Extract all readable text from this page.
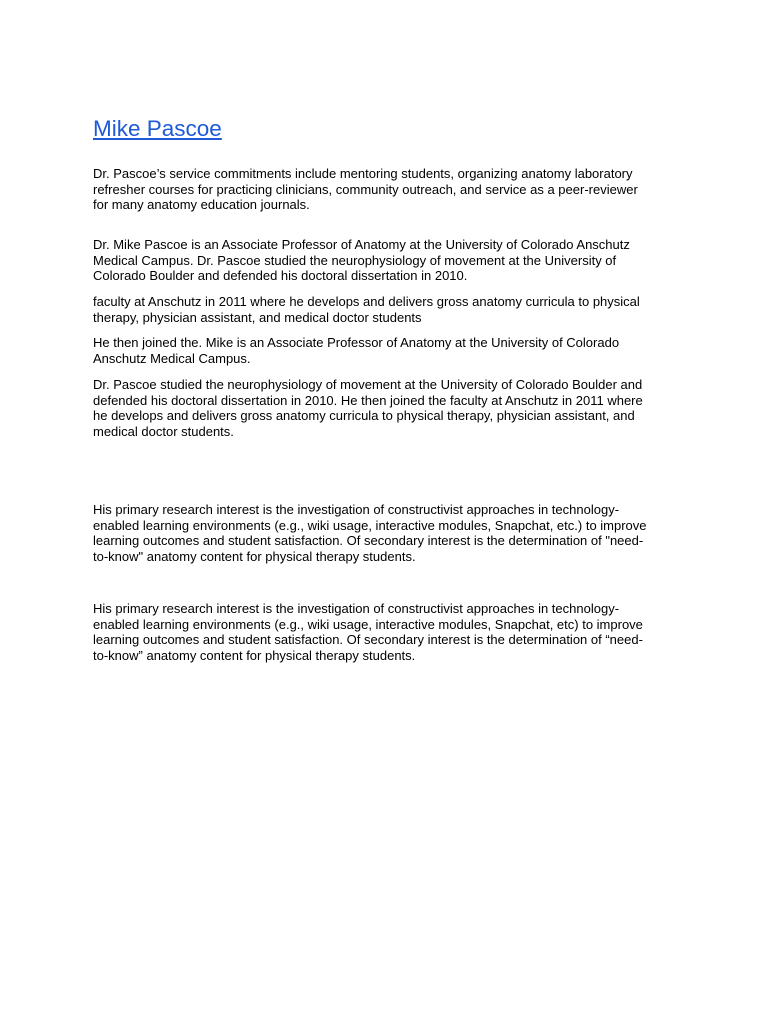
Mike Pascoe

Dr. Pascoe’s service commitments include mentoring students, organizing anatomy laboratory
refresher courses for practicing clinicians, community outreach, and service as a peer-reviewer
for many anatomy education journals.

Dr. Mike Pascoe is an Associate Professor of Anatomy at the University of Colorado Anschutz
Medical Campus. Dr. Pascoe studied the neurophysiology of movement at the University of
Colorado Boulder and defended his doctoral dissertation in 2010.

faculty at Anschutz in 2011 where he develops and delivers gross anatomy curricula to physical
therapy, physician assistant, and medical doctor students

He then joined the. Mike is an Associate Professor of Anatomy at the University of Colorado
Anschutz Medical Campus.

Dr. Pascoe studied the neurophysiology of movement at the University of Colorado Boulder and
defended his doctoral dissertation in 2010. He then joined the faculty at Anschutz in 2011 where
he develops and delivers gross anatomy curricula to physical therapy, physician assistant, and
medical doctor students.

His primary research interest is the investigation of constructivist approaches in technology-
enabled learning environments (e.g., wiki usage, interactive modules, Snapchat, etc.) to improve
learning outcomes and student satisfaction. Of secondary interest is the determination of "need-
to-know" anatomy content for physical therapy students.

His primary research interest is the investigation of constructivist approaches in technology-
enabled learning environments (e.g., wiki usage, interactive modules, Snapchat, etc) to improve
learning outcomes and student satisfaction. Of secondary interest is the determination of “need-
to-know” anatomy content for physical therapy students.
